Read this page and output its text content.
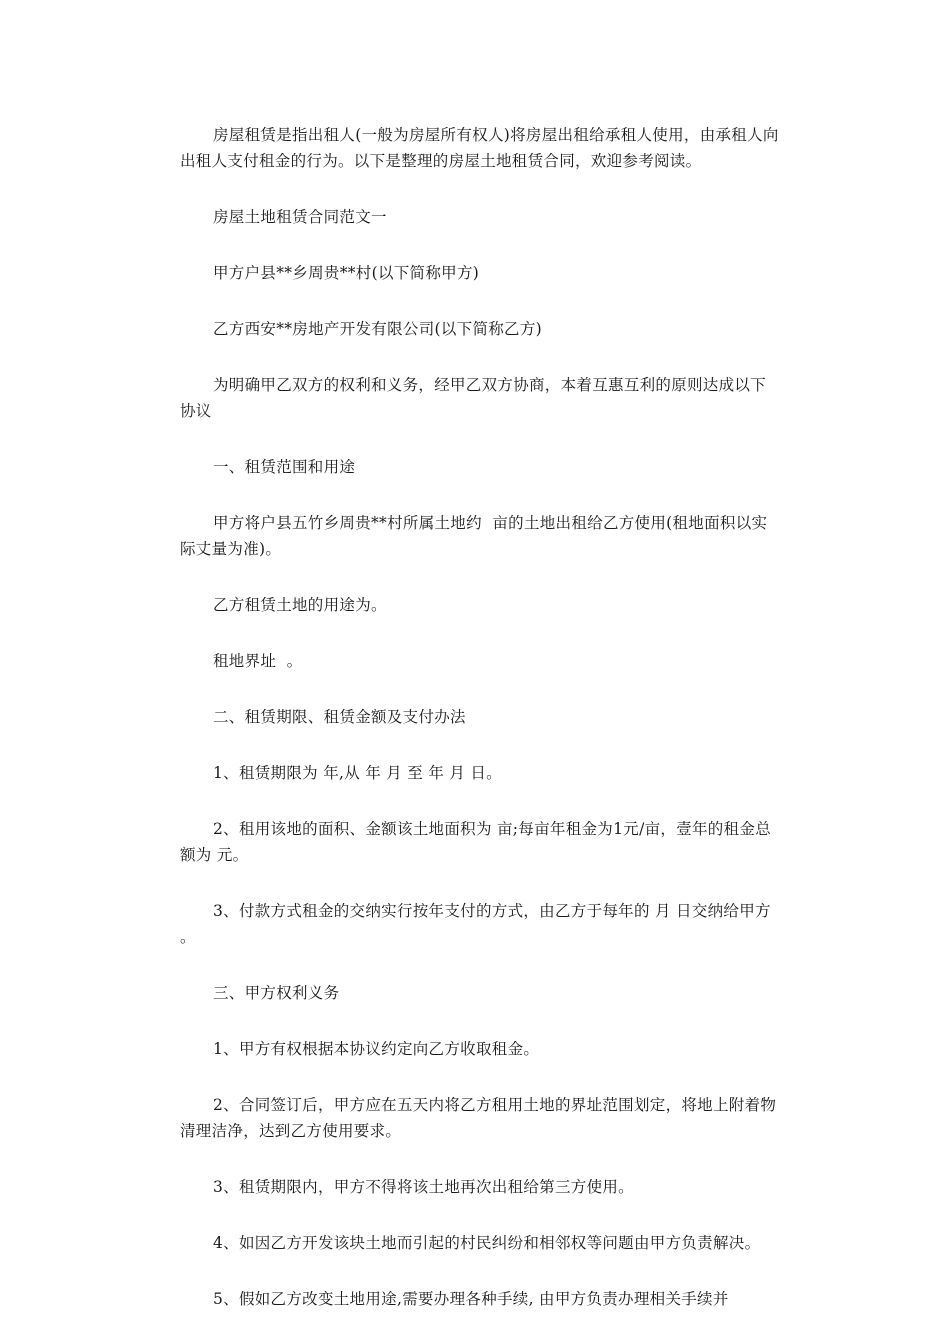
房屋租赁是指出租人(一般为房屋所有权人)将房屋出租给承租人使用，由承租人向出租人支付租金的行为。以下是整理的房屋土地租赁合同，欢迎参考阅读。

房屋土地租赁合同范文一

甲方户县**乡周贵**村(以下简称甲方)

乙方西安**房地产开发有限公司(以下简称乙方)

为明确甲乙双方的权利和义务，经甲乙双方协商，本着互惠互利的原则达成以下协议

一、租赁范围和用途

甲方将户县五竹乡周贵**村所属土地约  亩的土地出租给乙方使用(租地面积以实际丈量为准)。

乙方租赁土地的用途为。

租地界址  。

二、租赁期限、租赁金额及支付办法

1、租赁期限为 年,从 年 月 至 年 月 日。

2、租用该地的面积、金额该土地面积为 亩;每亩年租金为1元/亩，壹年的租金总额为 元。

3、付款方式租金的交纳实行按年支付的方式，由乙方于每年的 月 日交纳给甲方 。

三、甲方权利义务

1、甲方有权根据本协议约定向乙方收取租金。

2、合同签订后，甲方应在五天内将乙方租用土地的界址范围划定，将地上附着物清理洁净，达到乙方使用要求。

3、租赁期限内，甲方不得将该土地再次出租给第三方使用。

4、如因乙方开发该块土地而引起的村民纠纷和相邻权等问题由甲方负责解决。

5、假如乙方改变土地用途,需要办理各种手续, 由甲方负责办理相关手续并
